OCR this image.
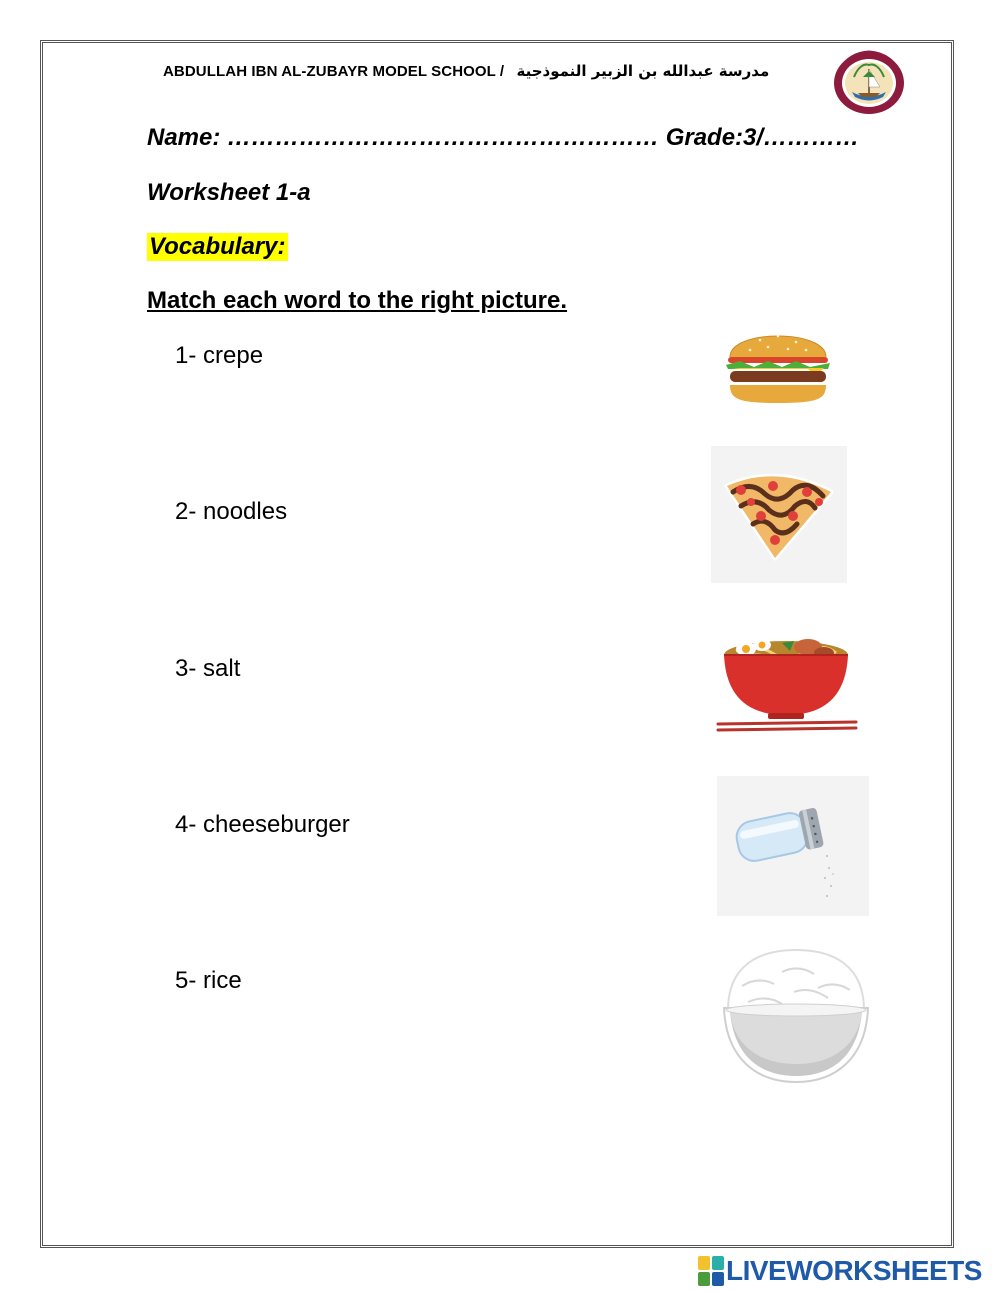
ABDULLAH IBN AL-ZUBAYR MODEL SCHOOL / مدرسة عبدالله بن الزبير النموذجية
Name: ……………………………………………… Grade:3/…………
Worksheet 1-a
Vocabulary:
Match each word to the right picture.
1- crepe
2- noodles
3- salt
4- cheeseburger
5- rice
LIVEWORKSHEETS
